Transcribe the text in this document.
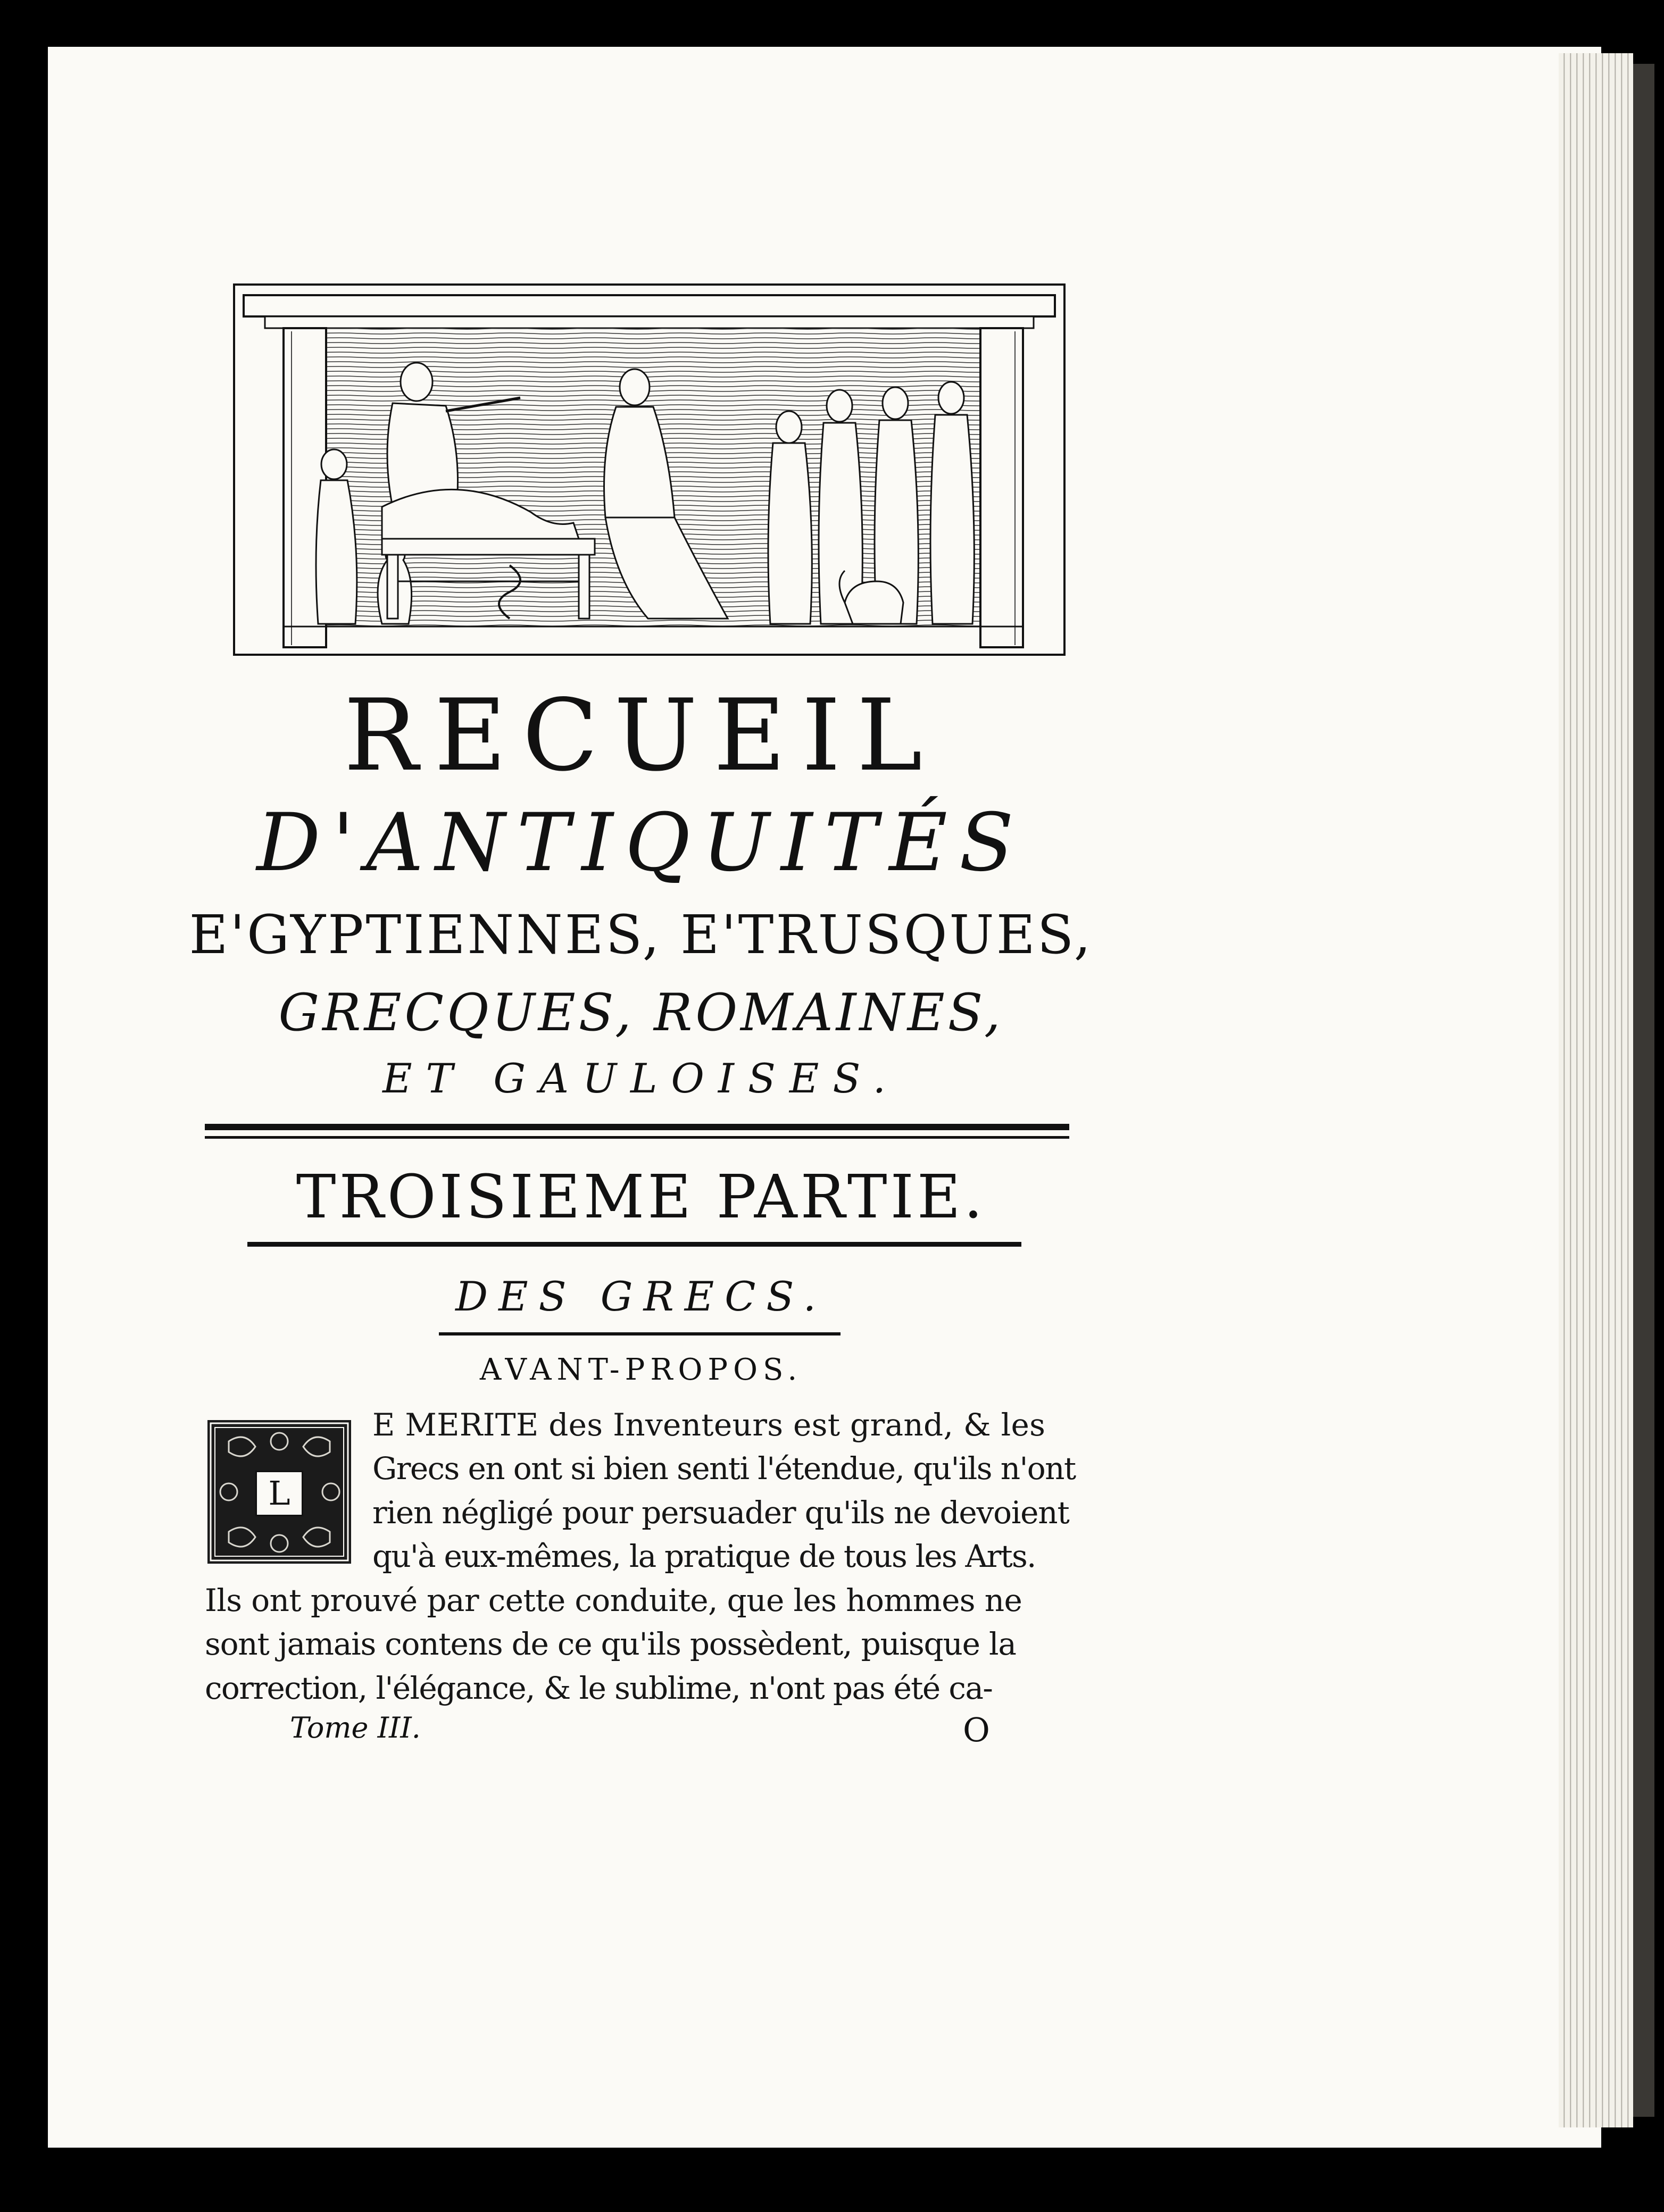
RECUEIL
D'ANTIQUITÉS
E'GYPTIENNES, E'TRUSQUES,
GRECQUES, ROMAINES,
ET GAULOISES.
TROISIEME PARTIE.
DES GRECS.
AVANT-PROPOS.
L
E MERITE des Inventeurs est grand, & les
Grecs en ont si bien senti l'étendue, qu'ils n'ont
rien négligé pour persuader qu'ils ne devoient
qu'à eux-mêmes, la pratique de tous les Arts.
Ils ont prouvé par cette conduite, que les hommes ne
sont jamais contens de ce qu'ils possèdent, puisque la
correction, l'élégance, & le sublime, n'ont pas été ca-
Tome III.	O
